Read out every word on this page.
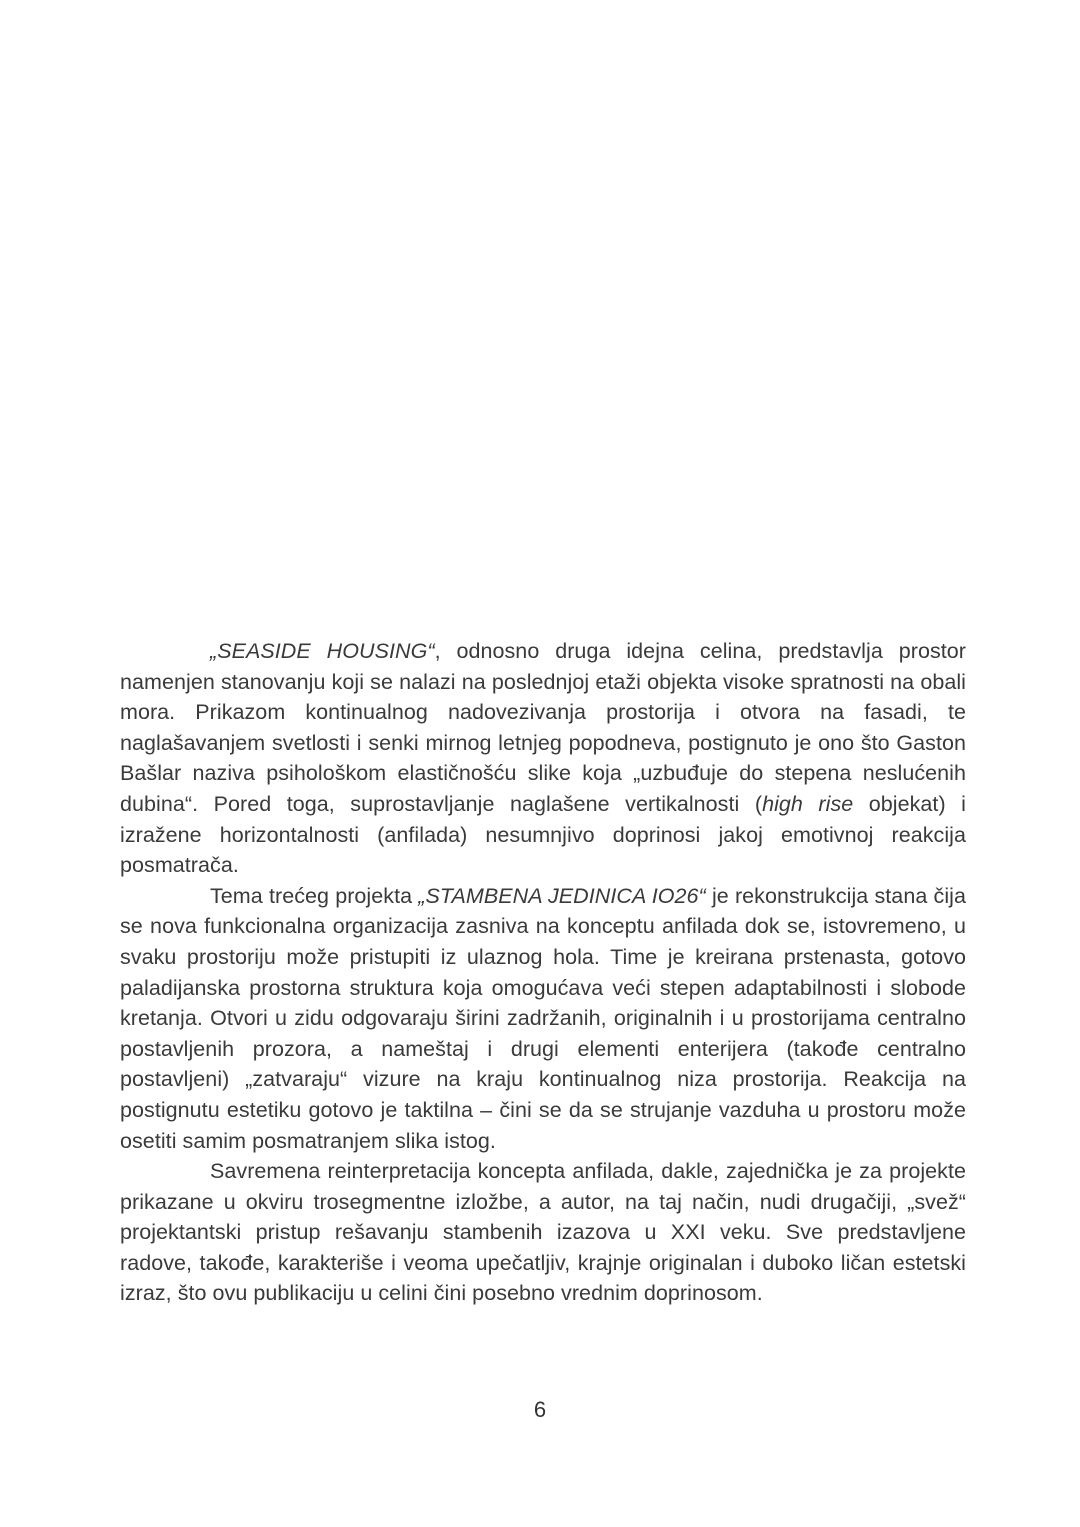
„SEASIDE HOUSING“, odnosno druga idejna celina, predstavlja prostor namenjen stanovanju koji se nalazi na poslednjoj etaži objekta visoke spratnosti na obali mora. Prikazom kontinualnog nadovezivanja prostorija i otvora na fasadi, te naglašavanjem svetlosti i senki mirnog letnjeg popodneva, postignuto je ono što Gaston Bašlar naziva psihološkom elastičnošću slike koja „uzbuđuje do stepena neslućenih dubina“. Pored toga, suprostavljanje naglašene vertikalnosti (high rise objekat) i izražene horizontalnosti (anfilada) nesumnjivo doprinosi jakoj emotivnoj reakcija posmatrača.

Tema trećeg projekta „STAMBENA JEDINICA IO26“ je rekonstrukcija stana čija se nova funkcionalna organizacija zasniva na konceptu anfilada dok se, istovremeno, u svaku prostoriju može pristupiti iz ulaznog hola. Time je kreirana prstenasta, gotovo paladijanska prostorna struktura koja omogućava veći stepen adaptabilnosti i slobode kretanja. Otvori u zidu odgovaraju širini zadržanih, originalnih i u prostorijama centralno postavljenih prozora, a nameštaj i drugi elementi enterijera (takođe centralno postavljeni) „zatvaraju“ vizure na kraju kontinualnog niza prostorija. Reakcija na postignutu estetiku gotovo je taktilna – čini se da se strujanje vazduha u prostoru može osetiti samim posmatranjem slika istog.

Savremena reinterpretacija koncepta anfilada, dakle, zajednička je za projekte prikazane u okviru trosegmentne izložbe, a autor, na taj način, nudi drugačiji, „svež“ projektantski pristup rešavanju stambenih izazova u XXI veku. Sve predstavljene radove, takođe, karakteriše i veoma upečatljiv, krajnje originalan i duboko ličan estetski izraz, što ovu publikaciju u celini čini posebno vrednim doprinosom.

6
